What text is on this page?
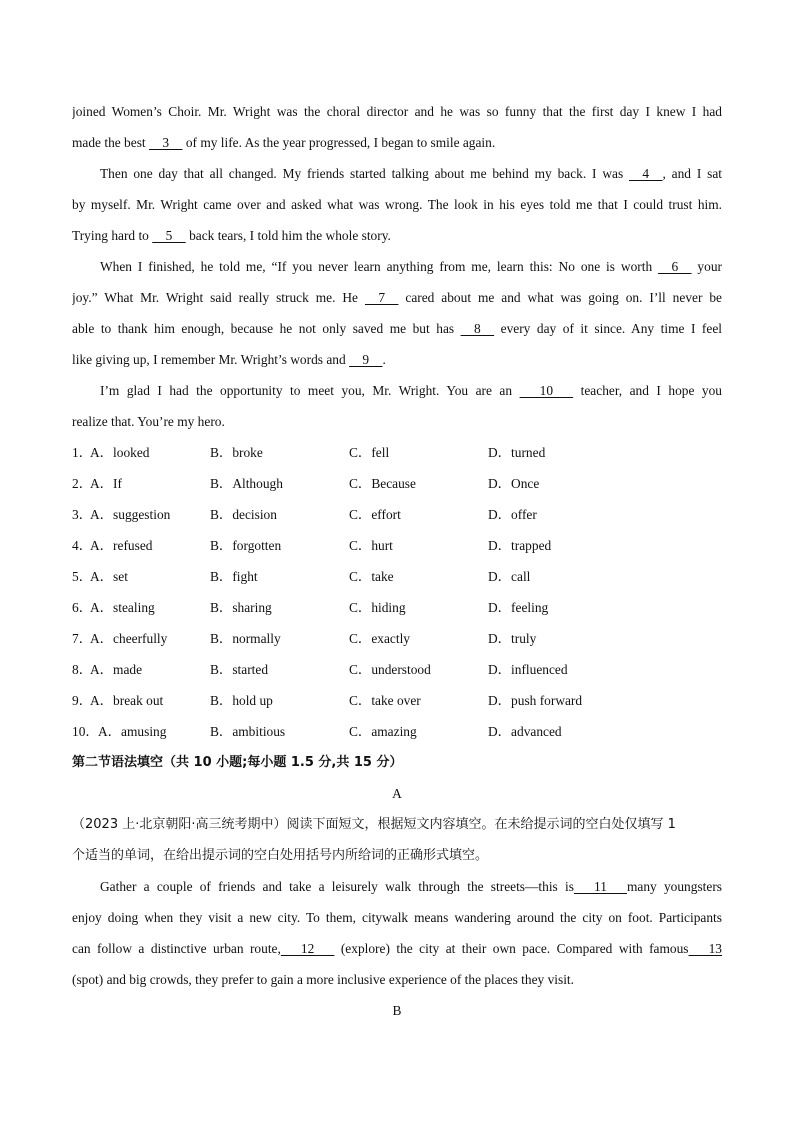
joined Women’s Choir. Mr. Wright was the choral director and he was so funny that the first day I knew I had
made the best     3     of my life. As the year progressed, I began to smile again.
Then one day that all changed. My friends started talking about me behind my back. I was     4    , and I sat
by myself. Mr. Wright came over and asked what was wrong. The look in his eyes told me that I could trust him.
Trying hard to     5     back tears, I told him the whole story.
When I finished, he told me, “If you never learn anything from me, learn this: No one is worth     6     your
joy.” What Mr. Wright said really struck me. He     7     cared about me and what was going on. I’ll never be
able to thank him enough, because he not only saved me but has     8     every day of it since. Any time I feel
like giving up, I remember Mr. Wright’s words and     9    .
I’m glad I had the opportunity to meet you, Mr. Wright. You are an       10       teacher, and I hope you
realize that. You’re my hero.
1．
A．looked	B．broke	C．fell	D．turned
2．
A．If	B．Although	C．Because	D．Once
3．
A．suggestion	B．decision	C．effort	D．offer
4．
A．refused	B．forgotten	C．hurt	D．trapped
5．
A．set	B．fight	C．take	D．call
6．
A．stealing	B．sharing	C．hiding	D．feeling
7．
A．cheerfully	B．normally	C．exactly	D．truly
8．
A．made	B．started	C．understood	D．influenced
9．
A．break out	B．hold up	C．take over	D．push forward
10． A．amusing	B．ambitious	C．amazing	D．advanced
第二节语法填空（共 10 小题;每小题 1.5 分,共 15 分）
A
（2023 上·北京朝阳·高三统考期中）阅读下面短文，根据短文内容填空。在未给提示词的空白处仅填写 1
个适当的单词，在给出提示词的空白处用括号内所给词的正确形式填空。
Gather a couple of friends and take a leisurely walk through the streets—this is      11      many youngsters
enjoy doing when they visit a new city. To them, citywalk means wandering around the city on foot. Participants
can follow a distinctive urban route,      12       (explore) the city at their own pace. Compared with famous      13
(spot) and big crowds, they prefer to gain a more inclusive experience of the places they visit.
B
